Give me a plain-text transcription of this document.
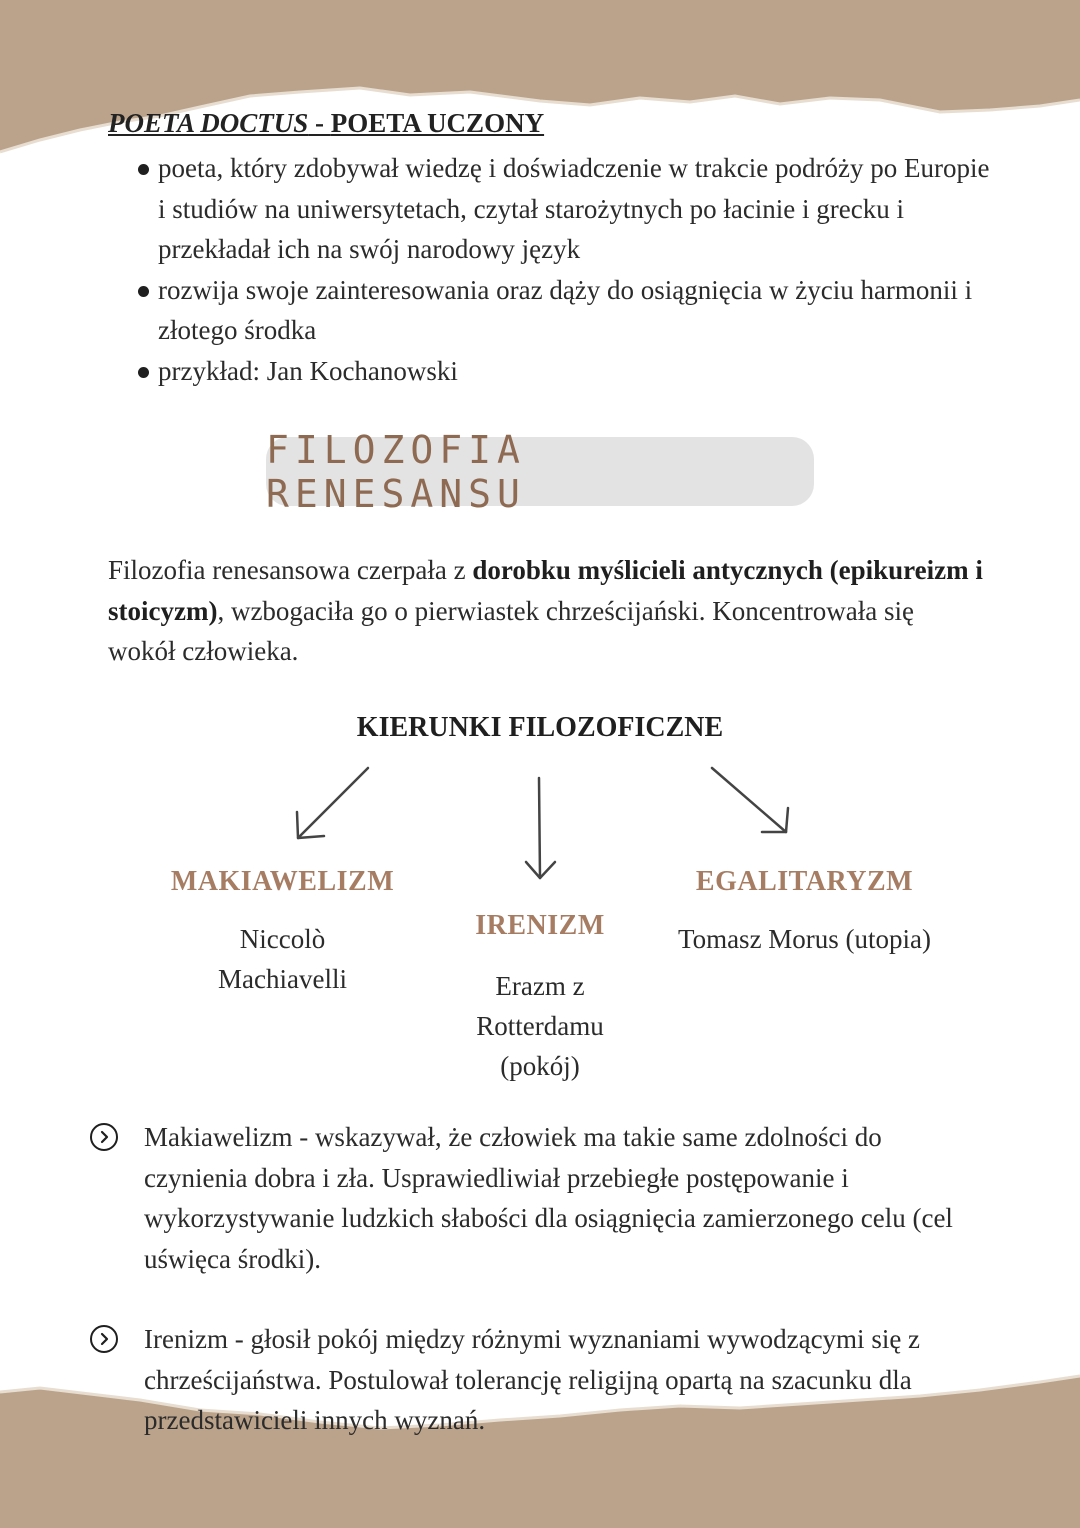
POETA DOCTUS - POETA UCZONY
poeta, który zdobywał wiedzę i doświadczenie w trakcie podróży po Europie i studiów na uniwersytetach, czytał starożytnych po łacinie i grecku i przekładał ich na swój narodowy język
rozwija swoje zainteresowania oraz dąży do osiągnięcia w życiu harmonii i złotego środka
przykład: Jan Kochanowski
FILOZOFIA RENESANSU

Filozofia renesansowa czerpała z dorobku myślicieli antycznych (epikureizm i stoicyzm), wzbogaciła go o pierwiastek chrześcijański. Koncentrowała się wokół człowieka.

KIERUNKI FILOZOFICZNE
MAKIAWELIZM
Niccolò Machiavelli
IRENIZM
Erazm z Rotterdamu (pokój)
EGALITARYZM
Tomasz Morus (utopia)
Makiawelizm - wskazywał, że człowiek ma takie same zdolności do czynienia dobra i zła. Usprawiedliwiał przebiegłe postępowanie i wykorzystywanie ludzkich słabości dla osiągnięcia zamierzonego celu (cel uświęca środki).
Irenizm - głosił pokój między różnymi wyznaniami wywodzącymi się z chrześcijaństwa. Postulował tolerancję religijną opartą na szacunku dla przedstawicieli innych wyznań.
